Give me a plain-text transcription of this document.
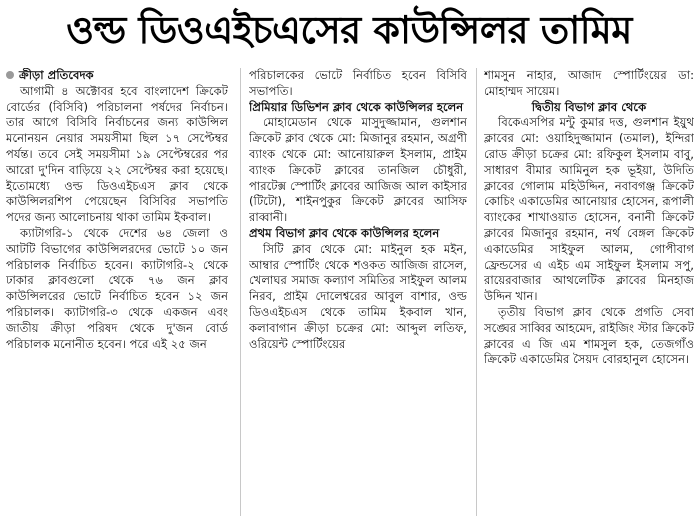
ওল্ড ডিওএইচএসের কাউন্সিলর তামিম

ক্রীড়া প্রতিবেদক

আগামী ৪ অক্টোবর হবে বাংলাদেশ ক্রিকেট বোর্ডের (বিসিবি) পরিচালনা পর্ষদের নির্বাচন। তার আগে বিসিবি নির্বাচনের জন্য কাউন্সিল মনোনয়ন নেয়ার সময়সীমা ছিল ১৭ সেপ্টেম্বর পর্যন্ত। তবে সেই সময়সীমা ১৯ সেপ্টেম্বরের পর আরো দু'দিন বাড়িয়ে ২২ সেপ্টেম্বর করা হয়েছে। ইতোমধ্যে ওল্ড ডিওএইচএস ক্লাব থেকে কাউন্সিলরশিপ পেয়েছেন বিসিবির সভাপতি পদের জন্য আলোচনায় থাকা তামিম ইকবাল।

ক্যাটাগরি-১ থেকে দেশের ৬৪ জেলা ও আটটি বিভাগের কাউন্সিলরদের ভোটে ১০ জন পরিচালক নির্বাচিত হবেন। ক্যাটাগরি-২ থেকে ঢাকার ক্লাবগুলো থেকে ৭৬ জন ক্লাব কাউন্সিলরের ভোটে নির্বাচিত হবেন ১২ জন পরিচালক। ক্যাটাগরি-৩ থেকে একজন এবং জাতীয় ক্রীড়া পরিষদ থেকে দু'জন বোর্ড পরিচালক মনোনীত হবেন। পরে এই ২৫ জন

পরিচালকের ভোটে নির্বাচিত হবেন বিসিবি সভাপতি।

প্রিমিয়ার ডিভিশন ক্লাব থেকে কাউন্সিলর হলেন

মোহামেডান থেকে মাসুদুজ্জামান, গুলশান ক্রিকেট ক্লাব থেকে মো: মিজানুর রহমান, অগ্রণী ব্যাংক থেকে মো: আনোয়ারুল ইসলাম, প্রাইম ব্যাংক ক্রিকেট ক্লাবের তানজিল চৌধুরী, পারটেক্স স্পোর্টিং ক্লাবের আজিজ আল কাইসার (টিটো), শাইনপুকুর ক্রিকেট ক্লাবের আসিফ রাব্বানী।

প্রথম বিভাগ ক্লাব থেকে কাউন্সিলর হলেন

সিটি ক্লাব থেকে মো: মাইনুল হক মইন, আম্বার স্পোর্টিং থেকে শওকত আজিজ রাসেল, খেলাঘর সমাজ কল্যাণ সমিতির সাইফুল আলম নিরব, প্রাইম দোলেশ্বরের আবুল বাশার, ওল্ড ডিওএইচএস থেকে তামিম ইকবাল খান, কলাবাগান ক্রীড়া চক্রের মো: আব্দুল লতিফ, ওরিয়েন্ট স্পোর্টিংয়ের

শামসুন নাহার, আজাদ স্পোর্টিংয়ের ডা: মোহাম্মদ সায়েম।

দ্বিতীয় বিভাগ ক্লাব থেকে

বিকেএসপির মন্টু কুমার দত্ত, গুলশান ইয়ুথ ক্লাবের মো: ওয়াহিদুজ্জামান (তমাল), ইন্দিরা রোড ক্রীড়া চক্রের মো: রফিকুল ইসলাম বাবু, সাধারণ বীমার আমিনুল হক ভূইয়া, উদিতি ক্লাবের গোলাম মহিউদ্দিন, নবাবগঞ্জ ক্রিকেট কোচিং একাডেমির আনোয়ার হোসেন, রূপালী ব্যাংকের শাখাওয়াত হোসেন, বনানী ক্রিকেট ক্লাবের মিজানুর রহমান, নর্থ বেঙ্গল ক্রিকেট একাডেমির সাইফুল আলম, গোপীবাগ ফ্রেন্ডসের এ এইচ এম সাইফুল ইসলাম সপু, রায়েরবাজার আথলেটিক ক্লাবের মিনহাজ উদ্দিন খান।

তৃতীয় বিভাগ ক্লাব থেকে প্রগতি সেবা সঙ্ঘের সাব্বির আহমেদ, রাইজিং স্টার ক্রিকেট ক্লাবের এ জি এম শামসুল হক, তেজগাঁও ক্রিকেট একাডেমির সৈয়দ বোরহানুল হোসেন।
